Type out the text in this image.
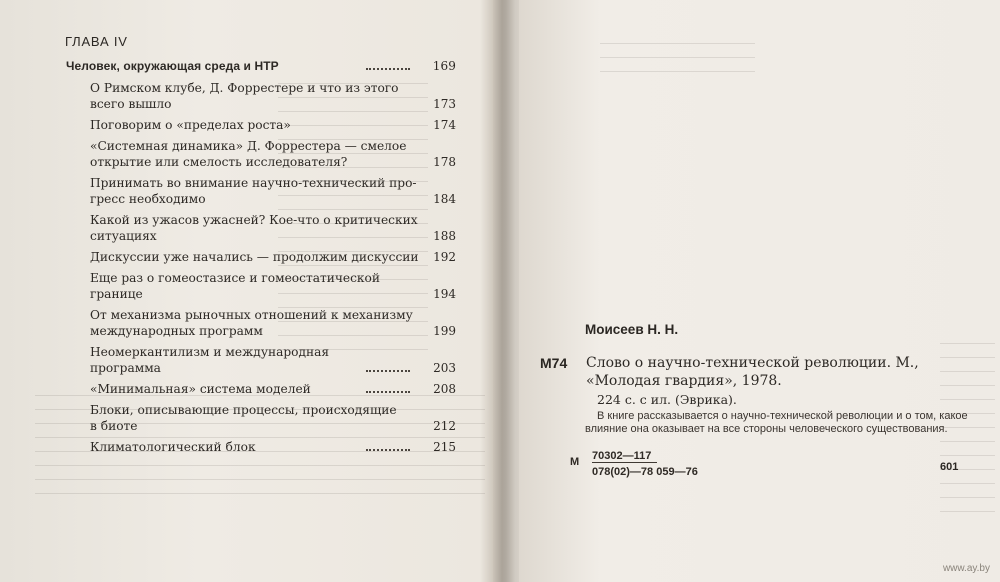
ГЛАВА IV
Человек, окружающая среда и НТР	169
О Римском клубе, Д. Форрестере и что из этого
всего вышло	173
Поговорим о «пределах роста»	174
«Системная динамика» Д. Форрестера — смелое
открытие или смелость исследователя?	178
Принимать во внимание научно-технический про-
гресс необходимо	184
Какой из ужасов ужасней? Кое-что о критических
ситуациях	188
Дискуссии уже начались — продолжим дискуссии	192
Еще раз о гомеостазисе и гомеостатической границе	194
От механизма рыночных отношений к механизму
международных программ	199
Неомеркантилизм и международная программа	203
«Минимальная» система моделей	208
Блоки, описывающие процессы, происходящие
в биоте	212
Климатологический блок	215
Моисеев Н. Н.
М74 Слово о научно-технической революции. М., «Молодая гвардия», 1978.
224 с. с ил. (Эврика).
В книге рассказывается о научно-технической революции и о том, какое влияние она оказывает на все стороны человеческого существования.
М 70302—117
078(02)—78 059—76	601
www.ay.by
